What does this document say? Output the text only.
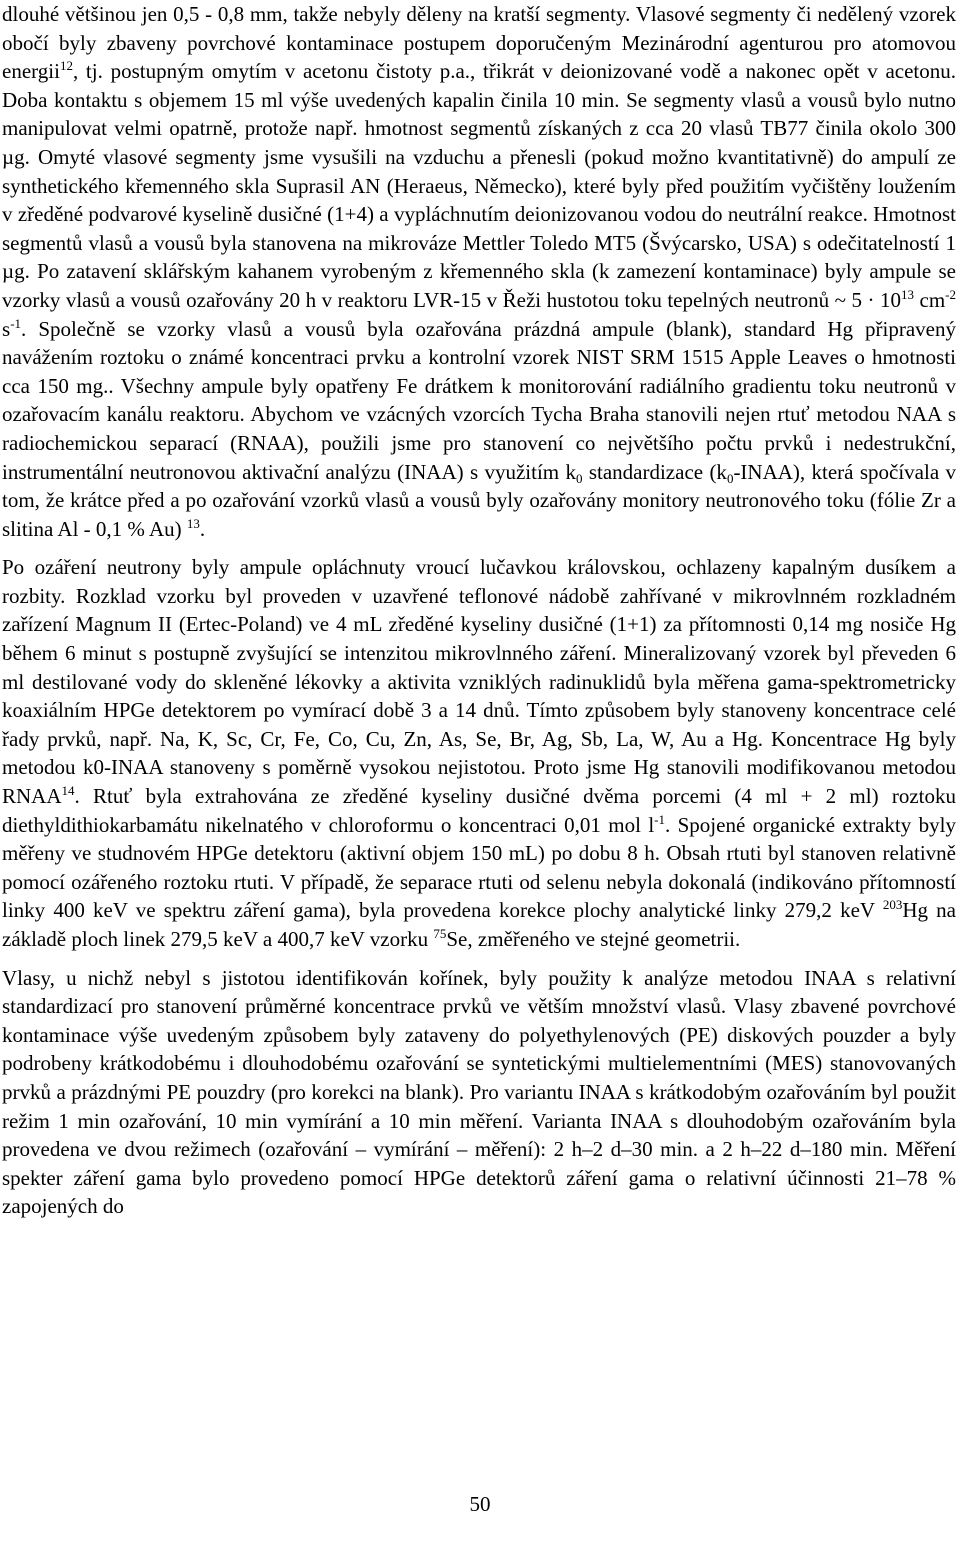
dlouhé většinou jen 0,5 - 0,8 mm, takže nebyly děleny na kratší segmenty. Vlasové segmenty či nedělený vzorek obočí byly zbaveny povrchové kontaminace postupem doporučeným Mezinárodní agenturou pro atomovou energii$^{12}$, tj. postupným omytím v acetonu čistoty p.a., třikrát v deionizované vodě a nakonec opět v acetonu. Doba kontaktu s objemem 15 ml výše uvedených kapalin činila 10 min. Se segmenty vlasů a vousů bylo nutno manipulovat velmi opatrně, protože např. hmotnost segmentů získaných z cca 20 vlasů TB77 činila okolo 300 µg. Omyté vlasové segmenty jsme vysušili na vzduchu a přenesli (pokud možno kvantitativně) do ampulí ze synthetického křemenného skla Suprasil AN (Heraeus, Německo), které byly před použitím vyčištěny loužením v zředěné podvarové kyselině dusičné (1+4) a vypláchnutím deionizovanou vodou do neutrální reakce. Hmotnost segmentů vlasů a vousů byla stanovena na mikrováze Mettler Toledo MT5 (Švýcarsko, USA) s odečitatelností 1 µg. Po zatavení sklářským kahanem vyrobeným z křemenného skla (k zamezení kontaminace) byly ampule se vzorky vlasů a vousů ozařovány 20 h v reaktoru LVR-15 v Řeži hustotou toku tepelných neutronů ~ $5 \cdot 10^{13}$ $cm^{-2}$ $s^{-1}$. Společně se vzorky vlasů a vousů byla ozařována prázdná ampule (blank), standard Hg připravený navážením roztoku o známé koncentraci prvku a kontrolní vzorek NIST SRM 1515 Apple Leaves o hmotnosti cca 150 mg.. Všechny ampule byly opatřeny Fe drátkem k monitorování radiálního gradientu toku neutronů v ozařovacím kanálu reaktoru. Abychom ve vzácných vzorcích Tycha Braha stanovili nejen rtuť metodou NAA s radiochemickou separací (RNAA), použili jsme pro stanovení co největšího počtu prvků i nedestrukční, instrumentální neutronovou aktivační analýzu (INAA) s využitím $k_0$ standardizace $(k_0-INAA)$, která spočívala v tom, že krátce před a po ozařování vzorků vlasů a vousů byly ozařovány monitory neutronového toku (fólie Zr a slitina Al - 0,1 % Au) $^{13}$.

Po ozáření neutrony byly ampule opláchnuty vroucí lučavkou královskou, ochlazeny kapalným dusíkem a rozbity. Rozklad vzorku byl proveden v uzavřené teflonové nádobě zahřívané v mikrovlnném rozkladném zařízení Magnum II (Ertec-Poland) ve 4 mL zředěné kyseliny dusičné (1+1) za přítomnosti 0,14 mg nosiče Hg během 6 minut s postupně zvyšující se intenzitou mikrovlnného záření. Mineralizovaný vzorek byl převeden 6 ml destilované vody do skleněné lékovky a aktivita vzniklých radinuklidů byla měřena gama-spektrometricky koaxiálním HPGe detektorem po vymírací době 3 a 14 dnů. Tímto způsobem byly stanoveny koncentrace celé řady prvků, např. Na, K, Sc, Cr, Fe, Co, Cu, Zn, As, Se, Br, Ag, Sb, La, W, Au a Hg. Koncentrace Hg byly metodou k0-INAA stanoveny s poměrně vysokou nejistotou. Proto jsme Hg stanovili modifikovanou metodou RNAA$^{14}$. Rtuť byla extrahována ze zředěné kyseliny dusičné dvěma porcemi (4 ml + 2 ml) roztoku diethyldithiokarbamátu nikelnatého v chloroformu o koncentraci 0,01 mol $l^{-1}$. Spojené organické extrakty byly měřeny ve studnovém HPGe detektoru (aktivní objem 150 mL) po dobu 8 h. Obsah rtuti byl stanoven relativně pomocí ozářeného roztoku rtuti. V případě, že separace rtuti od selenu nebyla dokonalá (indikováno přítomností linky 400 keV ve spektru záření gama), byla provedena korekce plochy analytické linky 279,2 keV $^{203}$Hg na základě ploch linek 279,5 keV a 400,7 keV vzorku $^{75}$Se, změřeného ve stejné geometrii.

Vlasy, u nichž nebyl s jistotou identifikován kořínek, byly použity k analýze metodou INAA s relativní standardizací pro stanovení průměrné koncentrace prvků ve větším množství vlasů. Vlasy zbavené povrchové kontaminace výše uvedeným způsobem byly zataveny do polyethylenových (PE) diskových pouzder a byly podrobeny krátkodobému i dlouhodobému ozařování se syntetickými multielementními (MES) stanovovaných prvků a prázdnými PE pouzdry (pro korekci na blank). Pro variantu INAA s krátkodobým ozařováním byl použit režim 1 min ozařování, 10 min vymírání a 10 min měření. Varianta INAA s dlouhodobým ozařováním byla provedena ve dvou režimech (ozařování – vymírání – měření): 2 h–2 d–30 min. a 2 h–22 d–180 min. Měření spekter záření gama bylo provedeno pomocí HPGe detektorů záření gama o relativní účinnosti 21–78 % zapojených do

50
